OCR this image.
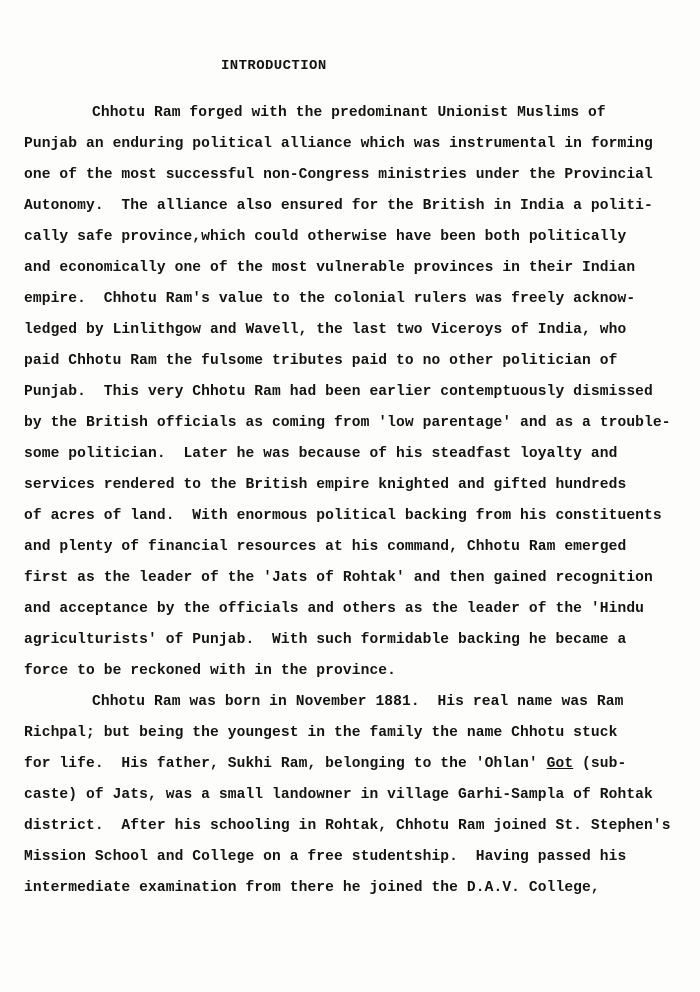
INTRODUCTION
Chhotu Ram forged with the predominant Unionist Muslims of
Punjab an enduring political alliance which was instrumental in forming
one of the most successful non-Congress ministries under the Provincial
Autonomy.  The alliance also ensured for the British in India a politi-
cally safe province,which could otherwise have been both politically
and economically one of the most vulnerable provinces in their Indian
empire.  Chhotu Ram's value to the colonial rulers was freely acknow-
ledged by Linlithgow and Wavell, the last two Viceroys of India, who
paid Chhotu Ram the fulsome tributes paid to no other politician of
Punjab.  This very Chhotu Ram had been earlier contemptuously dismissed
by the British officials as coming from 'low parentage' and as a trouble-
some politician.  Later he was because of his steadfast loyalty and
services rendered to the British empire knighted and gifted hundreds
of acres of land.  With enormous political backing from his constituents
and plenty of financial resources at his command, Chhotu Ram emerged
first as the leader of the 'Jats of Rohtak' and then gained recognition
and acceptance by the officials and others as the leader of the 'Hindu
agriculturists' of Punjab.  With such formidable backing he became a
force to be reckoned with in the province.
Chhotu Ram was born in November 1881.  His real name was Ram
Richpal; but being the youngest in the family the name Chhotu stuck
for life.  His father, Sukhi Ram, belonging to the 'Ohlan' Got (sub-
caste) of Jats, was a small landowner in village Garhi-Sampla of Rohtak
district.  After his schooling in Rohtak, Chhotu Ram joined St. Stephen's
Mission School and College on a free studentship.  Having passed his
intermediate examination from there he joined the D.A.V. College,
